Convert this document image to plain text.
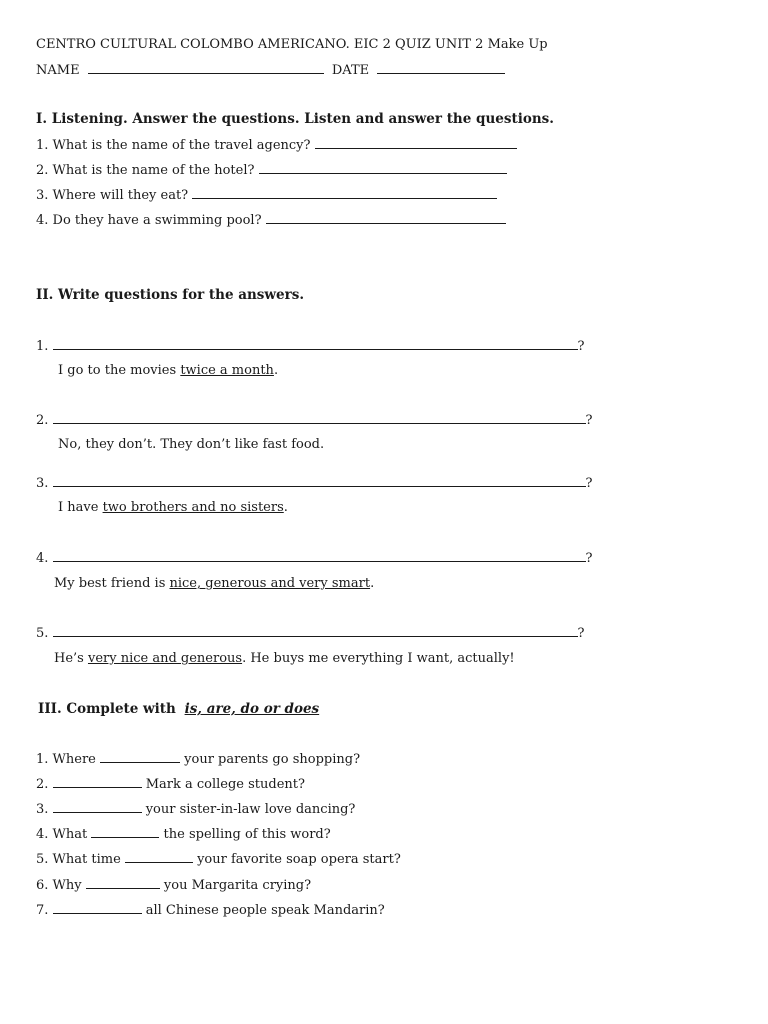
CENTRO CULTURAL COLOMBO AMERICANO. EIC 2 QUIZ UNIT 2 Make Up
NAME	DATE
I. Listening. Answer the questions. Listen and answer the questions.
1. What is the name of the travel agency?
2. What is the name of the hotel?
3. Where will they eat?
4. Do they have a swimming pool?
II. Write questions for the answers.
1.	?
I go to the movies twice a month.
2.	?
No, they don’t. They don’t like fast food.
3.	?
I have two brothers and no sisters.
4.	?
My best friend is nice, generous and very smart.
5.	?
He’s very nice and generous. He buys me everything I want, actually!
III. Complete with is, are, do or does
1. Where	your parents go shopping?
2.	Mark a college student?
3.	your sister-in-law love dancing?
4. What	the spelling of this word?
5. What time	your favorite soap opera start?
6. Why	you Margarita crying?
7.	all Chinese people speak Mandarin?
